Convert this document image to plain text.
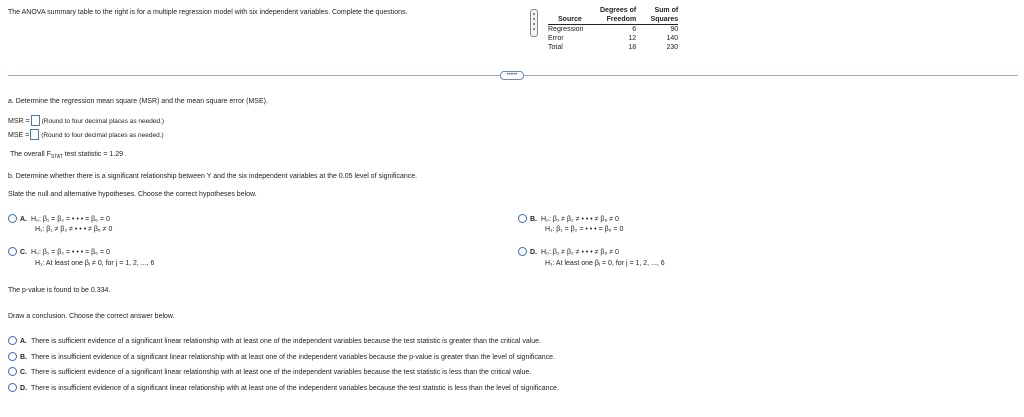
The ANOVA summary table to the right is for a multiple regression model with six independent variables. Complete the questions.
		Degrees of	Sum of
Source	Freedom	Squares
Regression	6	90
Error	12	140
Total	18	230
•••••
a. Determine the regression mean square (MSR) and the mean square error (MSE).
MSR = (Round to four decimal places as needed.)
MSE = (Round to four decimal places as needed.)
The overall $F_{STAT}$ test statistic = 1.29 .
b. Determine whether there is a significant relationship between Y and the six independent variables at the 0.05 level of significance.
Slate the null and alternative hypotheses. Choose the correct hypotheses below.
A. H₀: β₁ = β₂ = • • • = β₆ = 0
H₁: β₁ ≠ β₂ ≠ • • • ≠ β₆ ≠ 0
B. H₀: β₁ ≠ β₂ ≠ • • • ≠ β₆ ≠ 0
H₁: β₁ = β₂ = • • • = β₆ = 0
C. H₀: β₁ = β₂ = • • • = β₆ = 0
H₁: At least one βⱼ ≠ 0, for j = 1, 2, ..., 6
D. H₀: β₁ ≠ β₂ ≠ • • • ≠ β₆ ≠ 0
H₁: At least one βⱼ = 0, for j = 1, 2, ..., 6
The p-value is found to be 0.334.
Draw a conclusion. Choose the correct answer below.
A. There is sufficient evidence of a significant linear relationship with at least one of the independent variables because the test statistic is greater than the critical value.
B. There is insufficient evidence of a significant linear relationship with at least one of the independent variables because the p-value is greater than the level of significance.
C. There is sufficient evidence of a significant linear relationship with at least one of the independent variables because the test statistic is less than the critical value.
D. There is insufficient evidence of a significant linear relationship with at least one of the independent variables because the test statistic is less than the level of significance.
